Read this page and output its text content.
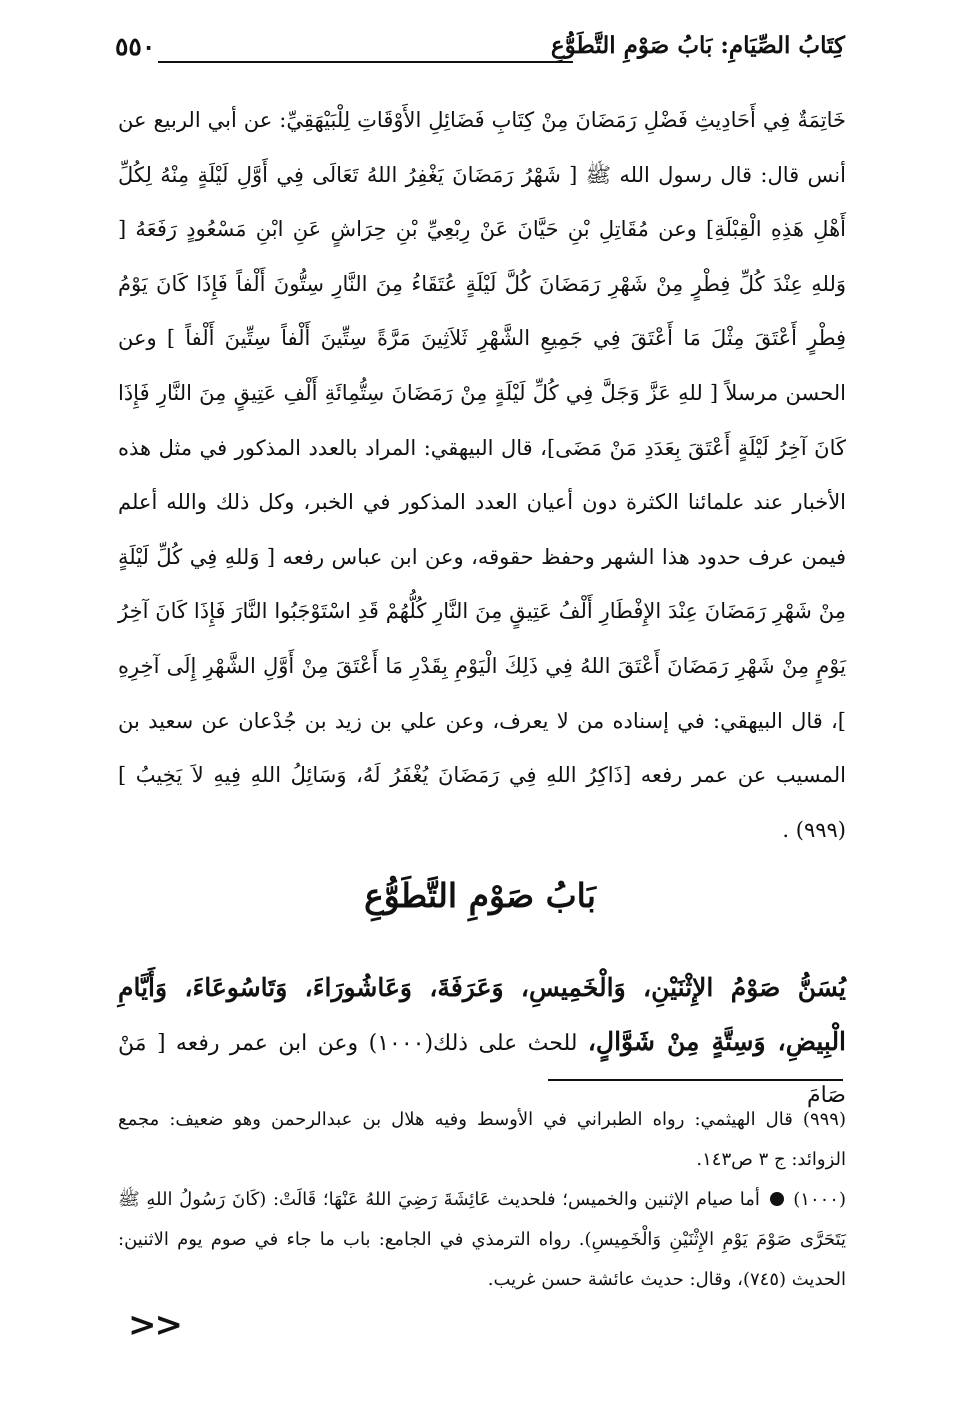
كِتَابُ الصِّيَامِ: بَابُ صَوْمِ التَّطَوُّعِ
٥٥٠

خَاتِمَةٌ فِي أَحَادِيثِ فَضْلِ رَمَضَانَ مِنْ كِتَابِ فَضَائِلِ الأَوْقَاتِ لِلْبَيْهَقِيِّ: عن أبي الربيع عن أنس قال: قال رسول الله ﷺ [ شَهْرُ رَمَضَانَ يَغْفِرُ اللهُ تَعَالَى فِي أَوَّلِ لَيْلَةٍ مِنْهُ لِكُلِّ أَهْلِ هَذِهِ الْقِبْلَةِ] وعن مُقَاتِلِ بْنِ حَيَّانَ عَنْ رِبْعِيِّ بْنِ حِرَاشٍ عَنِ ابْنِ مَسْعُودٍ رَفَعَهُ [ وَللهِ عِنْدَ كُلِّ فِطْرٍ مِنْ شَهْرِ رَمَضَانَ كُلَّ لَيْلَةٍ عُتَقَاءُ مِنَ النَّارِ سِتُّونَ أَلْفاً فَإِذَا كَانَ يَوْمُ فِطْرٍ أَعْتَقَ مِثْلَ مَا أَعْتَقَ فِي جَمِيعِ الشَّهْرِ ثَلاَثِينَ مَرَّةً سِتِّينَ أَلْفاً سِتِّينَ أَلْفاً ] وعن الحسن مرسلاً [ للهِ عَزَّ وَجَلَّ فِي كُلِّ لَيْلَةٍ مِنْ رَمَضَانَ سِتُّمِائَةِ أَلْفِ عَتِيقٍ مِنَ النَّارِ فَإِذَا كَانَ آخِرُ لَيْلَةٍ أَعْتَقَ بِعَدَدِ مَنْ مَضَى]، قال البيهقي: المراد بالعدد المذكور في مثل هذه الأخبار عند علمائنا الكثرة دون أعيان العدد المذكور في الخبر، وكل ذلك والله أعلم فيمن عرف حدود هذا الشهر وحفظ حقوقه، وعن ابن عباس رفعه [ وَللهِ فِي كُلِّ لَيْلَةٍ مِنْ شَهْرِ رَمَضَانَ عِنْدَ الإِفْطَارِ أَلْفُ عَتِيقٍ مِنَ النَّارِ كُلُّهُمْ قَدِ اسْتَوْجَبُوا النَّارَ فَإِذَا كَانَ آخِرُ يَوْمٍ مِنْ شَهْرِ رَمَضَانَ أَعْتَقَ اللهُ فِي ذَلِكَ الْيَوْمِ بِقَدْرِ مَا أَعْتَقَ مِنْ أَوَّلِ الشَّهْرِ إِلَى آخِرِهِ ]، قال البيهقي: في إسناده من لا يعرف، وعن علي بن زيد بن جُدْعان عن سعيد بن المسيب عن عمر رفعه [ذَاكِرُ اللهِ فِي رَمَضَانَ يُغْفَرُ لَهُ، وَسَائِلُ اللهِ فِيهِ لاَ يَخِيبُ ](٩٩٩) .

بَابُ صَوْمِ التَّطَوُّعِ

يُسَنُّ صَوْمُ الإِثْنَيْنِ، وَالْخَمِيسِ، وَعَرَفَةَ، وَعَاشُورَاءَ، وَتَاسُوعَاءَ، وَأَيَّامِ الْبِيضِ، وَسِتَّةٍ مِنْ شَوَّالٍ، للحث على ذلك(١٠٠٠) وعن ابن عمر رفعه [ مَنْ صَامَ

(٩٩٩) قال الهيثمي: رواه الطبراني في الأوسط وفيه هلال بن عبدالرحمن وهو ضعيف: مجمع الزوائد: ج ٣ ص١٤٣.

(١٠٠٠)  أما صيام الإثنين والخميس؛ فلحديث عَائِشَةَ رَضِيَ اللهُ عَنْهَا؛ قَالَتْ: (كَانَ رَسُولُ اللهِ ﷺ يَتَحَرَّى صَوْمَ يَوْمِ الإِثْنَيْنِ وَالْخَمِيسِ). رواه الترمذي في الجامع: باب ما جاء في صوم يوم الاثنين: الحديث (٧٤٥)، وقال: حديث عائشة حسن غريب.

>>
